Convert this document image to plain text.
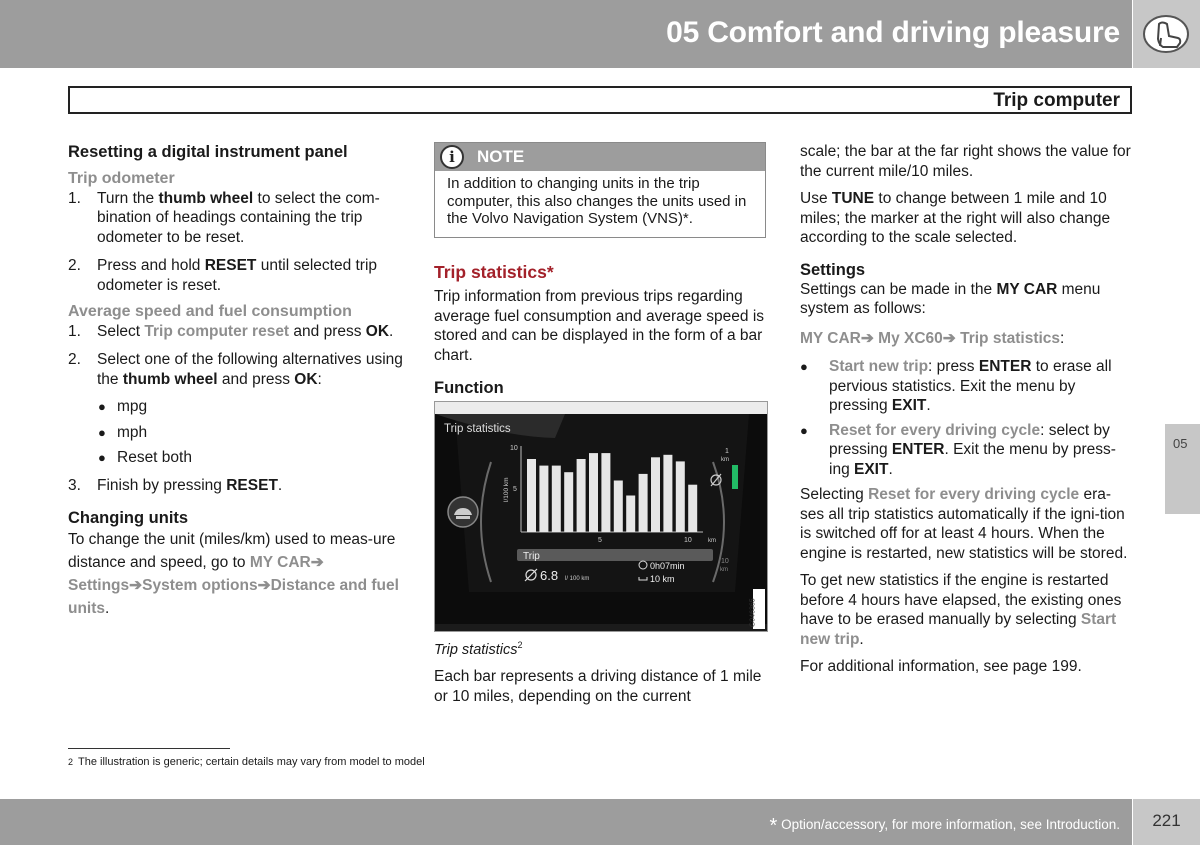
05 Comfort and driving pleasure
Trip computer
Resetting a digital instrument panel
Trip odometer
1.	Turn the thumb wheel to select the com-bination of headings containing the trip odometer to be reset.
2.	Press and hold RESET until selected trip odometer is reset.
Average speed and fuel consumption
1.	Select Trip computer reset and press OK.
2.	Select one of the following alternatives using the thumb wheel and press OK:
● mpg
● mph
● Reset both
3.	Finish by pressing RESET.
Changing units

To change the unit (miles/km) used to meas-ure distance and speed, go to MY CAR➔ Settings➔System options➔Distance and fuel units.

i	NOTE
In addition to changing units in the trip computer, this also changes the units used in the Volvo Navigation System (VNS)*.
Trip statistics*

Trip information from previous trips regarding average fuel consumption and average speed is stored and can be displayed in the form of a bar chart.

Function
10
5
l/100 km
5	10	km
1
km
10
km
Trip
6.8 l/ 100 km
0h07min
10 km
Trip statistics
G046365

Trip statistics$^2$

Each bar represents a driving distance of 1 mile or 10 miles, depending on the current

scale; the bar at the far right shows the value for the current mile/10 miles.

Use TUNE to change between 1 mile and 10 miles; the marker at the right will also change according to the scale selected.

Settings

Settings can be made in the MY CAR menu system as follows:

MY CAR➔ My XC60➔ Trip statistics:

●	Start new trip: press ENTER to erase all pervious statistics. Exit the menu by pressing EXIT.
●	Reset for every driving cycle: select by pressing ENTER. Exit the menu by press-ing EXIT.

Selecting Reset for every driving cycle era-ses all trip statistics automatically if the igni-tion is switched off for at least 4 hours. When the engine is restarted, new statistics will be stored.

To get new statistics if the engine is restarted before 4 hours have elapsed, the existing ones have to be erased manually by selecting Start new trip.

For additional information, see page 199.

05
2 The illustration is generic; certain details may vary from model to model
* Option/accessory, for more information, see Introduction.	221
